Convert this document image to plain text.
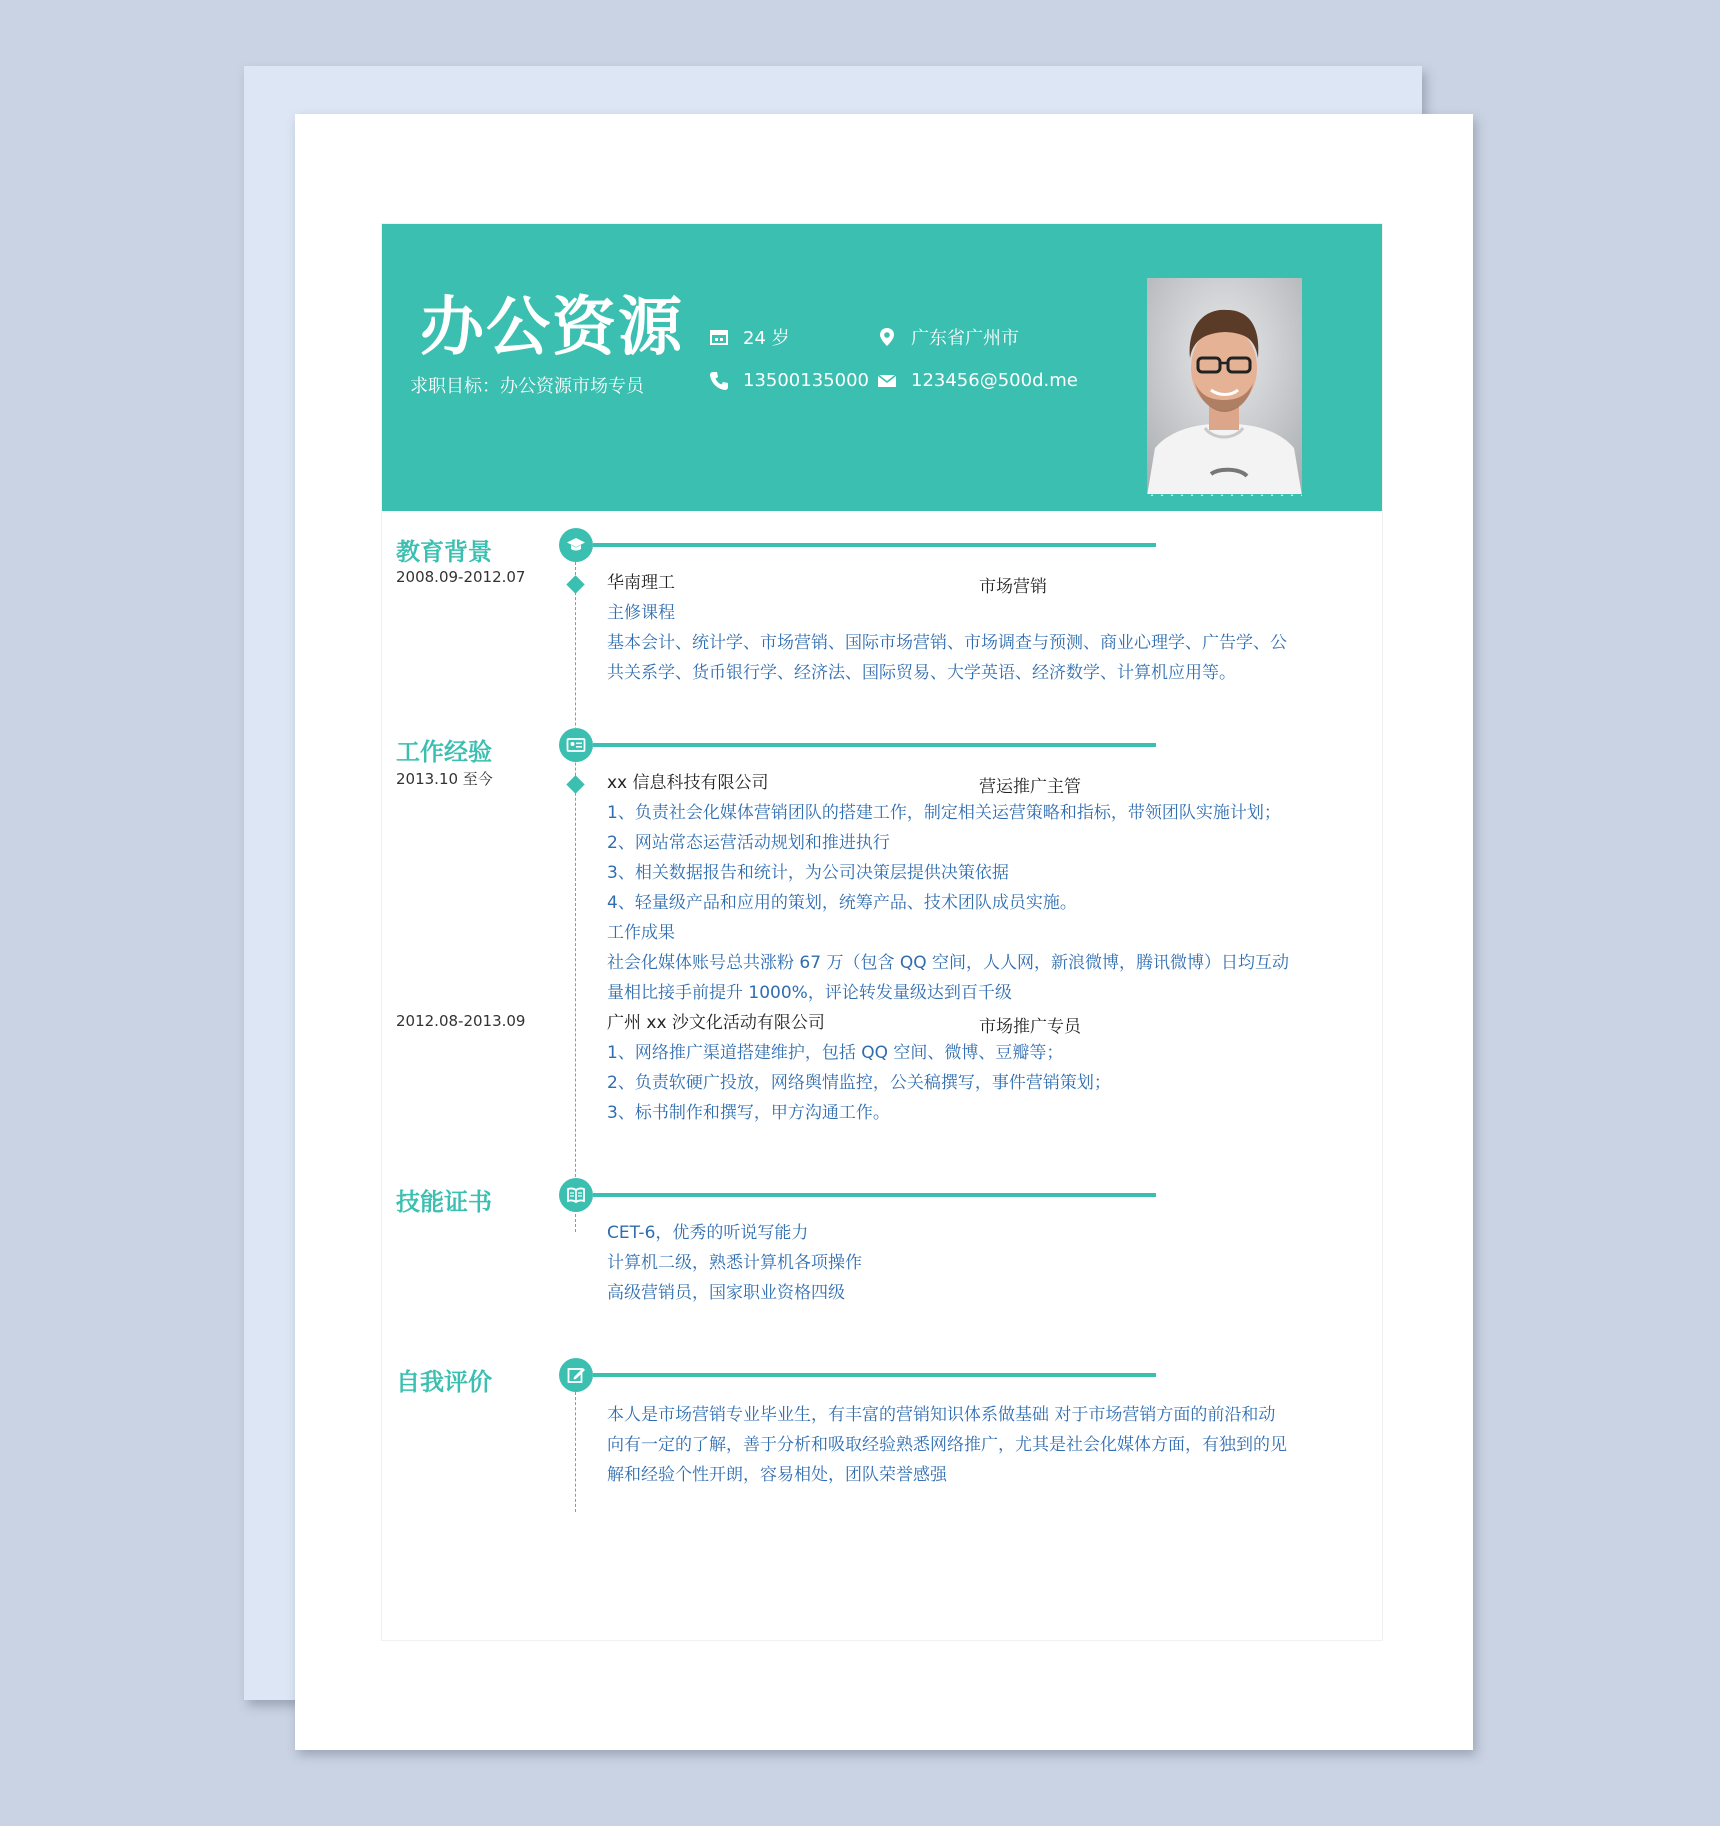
办公资源
求职目标：办公资源市场专员
24 岁	广东省广州市
13500135000 123456@500d.me
教育背景
2008.09-2012.07	华南理工	市场营销
主修课程
基本会计、统计学、市场营销、国际市场营销、市场调查与预测、商业心理学、广告学、公
共关系学、货币银行学、经济法、国际贸易、大学英语、经济数学、计算机应用等。
工作经验
2013.10 至今	xx 信息科技有限公司	营运推广主管
1、负责社会化媒体营销团队的搭建工作，制定相关运营策略和指标，带领团队实施计划；
2、网站常态运营活动规划和推进执行
3、相关数据报告和统计，为公司决策层提供决策依据
4、轻量级产品和应用的策划，统筹产品、技术团队成员实施。
工作成果
社会化媒体账号总共涨粉 67 万（包含 QQ 空间，人人网，新浪微博，腾讯微博）日均互动
量相比接手前提升 1000%，评论转发量级达到百千级
2012.08-2013.09	广州 xx 沙文化活动有限公司	市场推广专员
1、网络推广渠道搭建维护，包括 QQ 空间、微博、豆瓣等；
2、负责软硬广投放，网络舆情监控，公关稿撰写，事件营销策划；
3、标书制作和撰写，甲方沟通工作。
技能证书
CET-6，优秀的听说写能力
计算机二级，熟悉计算机各项操作
高级营销员，国家职业资格四级
自我评价
本人是市场营销专业毕业生，有丰富的营销知识体系做基础 对于市场营销方面的前沿和动
向有一定的了解，善于分析和吸取经验熟悉网络推广，尤其是社会化媒体方面，有独到的见
解和经验个性开朗，容易相处，团队荣誉感强
